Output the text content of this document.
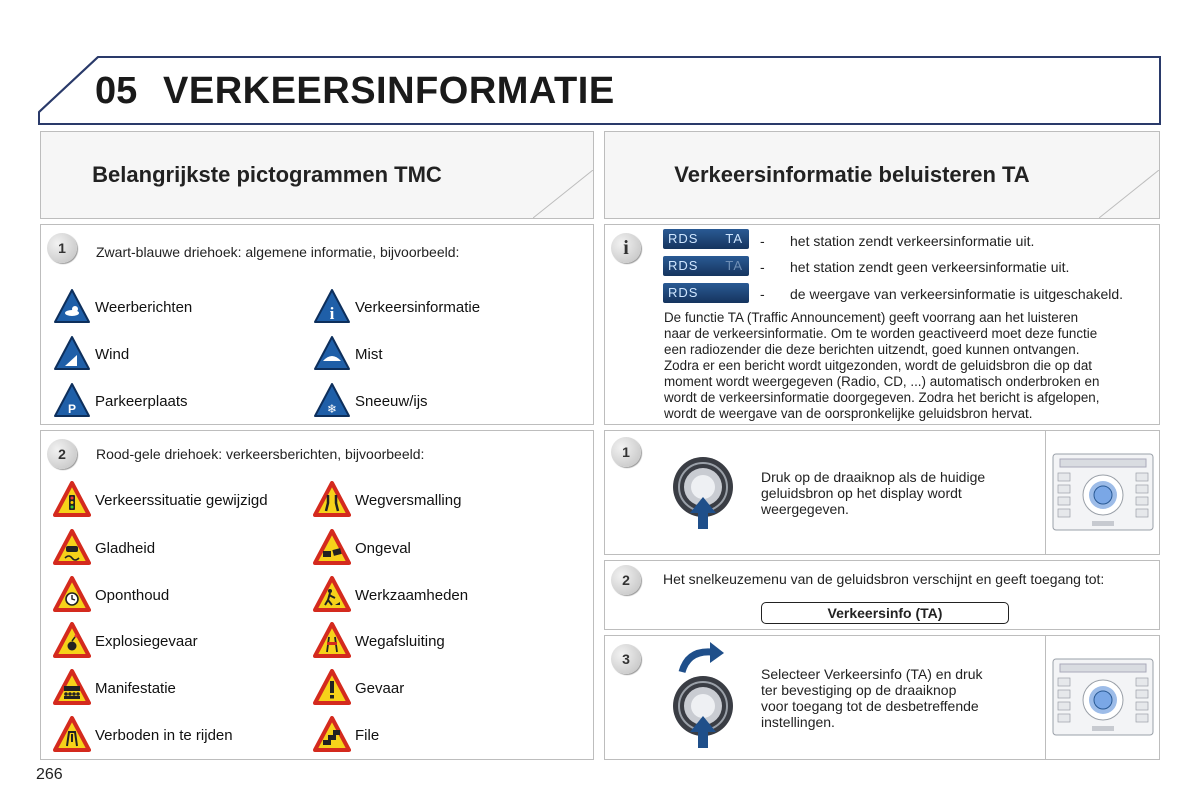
05 VERKEERSINFORMATIE
Belangrijkste pictogrammen TMC
1	Zwart-blauwe driehoek: algemene informatie, bijvoorbeeld:
2	Rood-gele driehoek: verkeersberichten, bijvoorbeeld:
Weerberichten	i Verkeersinformatie
Wind	Mist
P Parkeerplaats	❄ Sneeuw/ijs
Verkeerssituatie gewijzigd	Wegversmalling
Gladheid	Ongeval
Oponthoud	Werkzaamheden
Explosiegevaar	Wegafsluiting
Manifestatie	Gevaar
Verboden in te rijden	File
Verkeersinformatie beluisteren TA
i	RDS TA - het station zendt verkeersinformatie uit.
RDS TA - het station zendt geen verkeersinformatie uit.
RDS	- de weergave van verkeersinformatie is uitgeschakeld.
De functie TA (Traffic Announcement) geeft voorrang aan het luisteren
naar de verkeersinformatie. Om te worden geactiveerd moet deze functie
een radiozender die deze berichten uitzendt, goed kunnen ontvangen.
Zodra er een bericht wordt uitgezonden, wordt de geluidsbron die op dat
moment wordt weergegeven (Radio, CD, ...) automatisch onderbroken en
wordt de verkeersinformatie doorgegeven. Zodra het bericht is afgelopen,
wordt de weergave van de oorspronkelijke geluidsbron hervat.
1
Druk op de draaiknop als de huidige
geluidsbron op het display wordt
weergegeven.
2	Het snelkeuzemenu van de geluidsbron verschijnt en geeft toegang tot:
Verkeersinfo (TA)
3
Selecteer Verkeersinfo (TA) en druk
ter bevestiging op de draaiknop
voor toegang tot de desbetreffende
instellingen.
266
